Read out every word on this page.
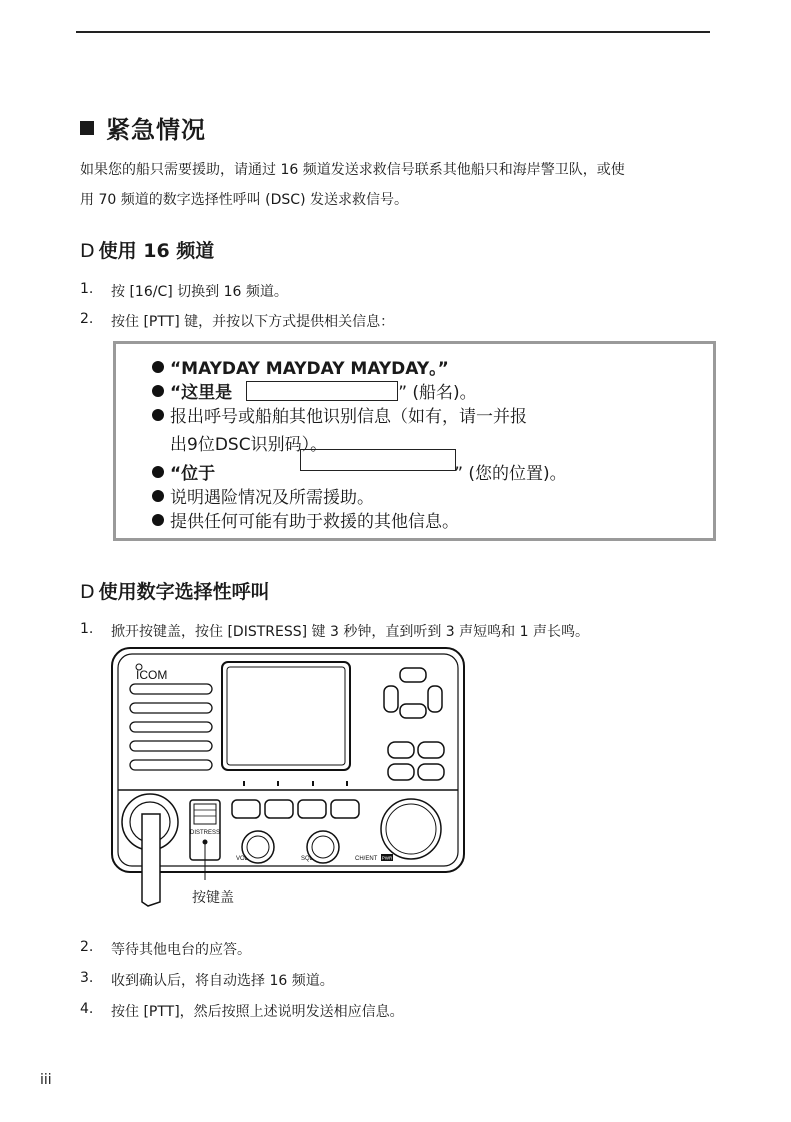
紧急情况
如果您的船只需要援助，请通过 16 频道发送求救信号联系其他船只和海岸警卫队，或使
用 70 频道的数字选择性呼叫 (DSC) 发送求救信号。
D 使用 16 频道
1. 按 [16/C] 切换到 16 频道。
2. 按住 [PTT] 键，并按以下方式提供相关信息：
“MAYDAY MAYDAY MAYDAY。”
“这里是	” (船名)。
报出呼号或船舶其他识别信息（如有，请一并报
出9位DSC识别码）。
“位于	” (您的位置)。
说明遇险情况及所需援助。
提供任何可能有助于救援的其他信息。
D 使用数字选择性呼叫
1. 掀开按键盖，按住 [DISTRESS] 键 3 秒钟，直到听到 3 声短鸣和 1 声长鸣。
ICOM
DISTRESS
VOL	SQL	CH/ENT PWR
按键盖
2. 等待其他电台的应答。
3. 收到确认后，将自动选择 16 频道。
4. 按住 [PTT]，然后按照上述说明发送相应信息。
iii
